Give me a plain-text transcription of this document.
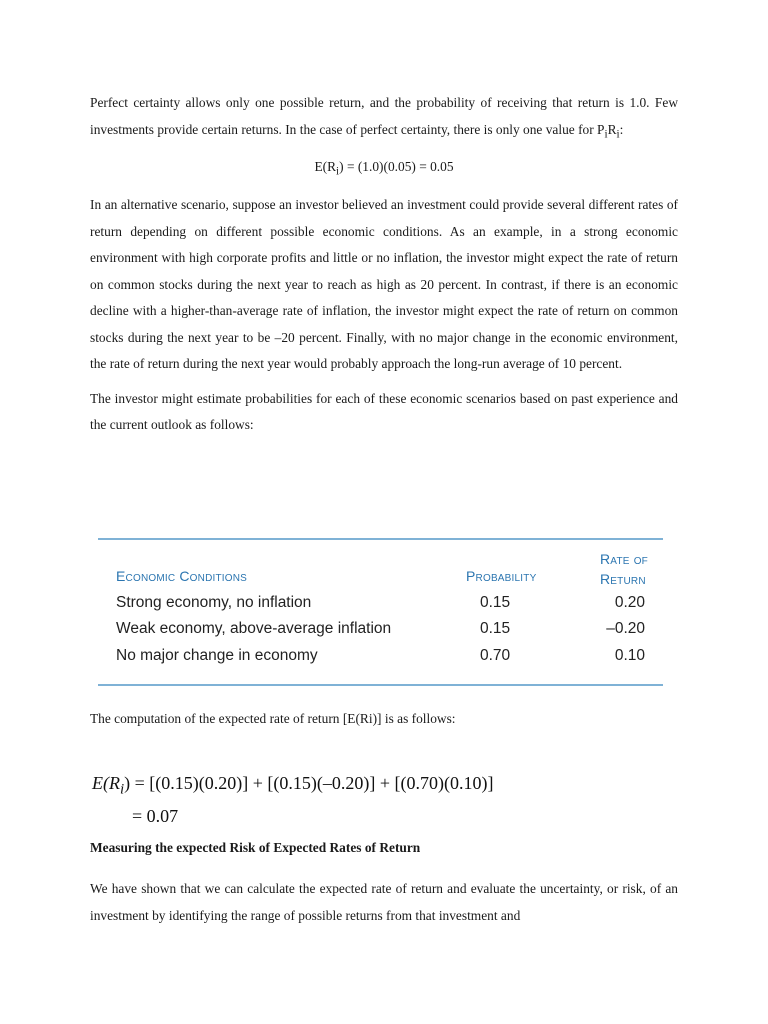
Perfect certainty allows only one possible return, and the probability of receiving that return is 1.0. Few investments provide certain returns. In the case of perfect certainty, there is only one value for $P_iR_i$:

$E(R_i) = (1.0)(0.05) = 0.05$

In an alternative scenario, suppose an investor believed an investment could provide several different rates of return depending on different possible economic conditions. As an example, in a strong economic environment with high corporate profits and little or no inflation, the investor might expect the rate of return on common stocks during the next year to reach as high as 20 percent. In contrast, if there is an economic decline with a higher-than-average rate of inflation, the investor might expect the rate of return on common stocks during the next year to be –20 percent. Finally, with no major change in the economic environment, the rate of return during the next year would probably approach the long-run average of 10 percent.

The investor might estimate probabilities for each of these economic scenarios based on past experience and the current outlook as follows:

Economic Conditions	Probability
Rate of
Return
Strong economy, no inflation	0.15	0.20
Weak economy, above-average inflation	0.15	–0.20
No major change in economy	0.70	0.10

The computation of the expected rate of return [E(Ri)] is as follows:

$E(R_i) = [(0.15)(0.20)] + [(0.15)(-0.20)] + [(0.70)(0.10)]$
= 0.07
Measuring the expected Risk of Expected Rates of Return

We have shown that we can calculate the expected rate of return and evaluate the uncertainty, or risk, of an investment by identifying the range of possible returns from that investment and
